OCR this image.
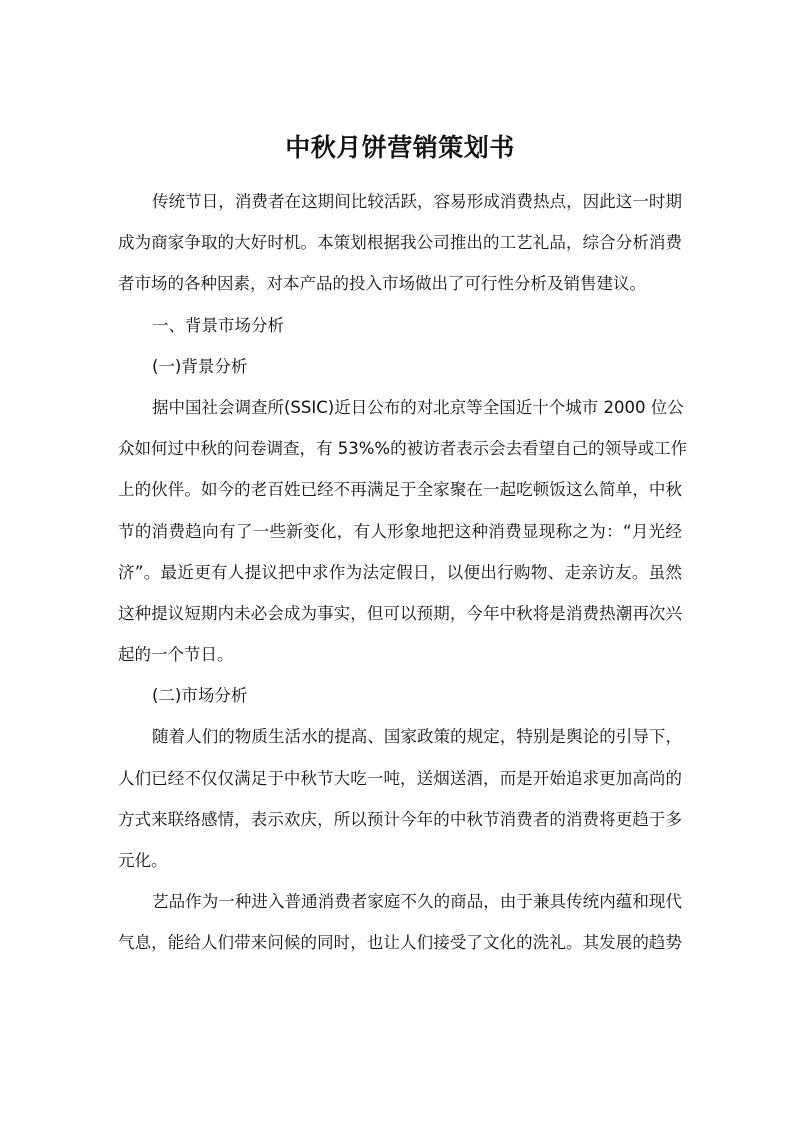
中秋月饼营销策划书
传统节日，消费者在这期间比较活跃，容易形成消费热点，因此这一时期
成为商家争取的大好时机。本策划根据我公司推出的工艺礼品，综合分析消费
者市场的各种因素，对本产品的投入市场做出了可行性分析及销售建议。
一、背景市场分析
(一)背景分析
据中国社会调查所(SSIC)近日公布的对北京等全国近十个城市 2000 位公
众如何过中秋的问卷调查，有 53%%的被访者表示会去看望自己的领导或工作
上的伙伴。如今的老百姓已经不再满足于全家聚在一起吃顿饭这么简单，中秋
节的消费趋向有了一些新变化，有人形象地把这种消费显现称之为：“月光经
济”。最近更有人提议把中求作为法定假日，以便出行购物、走亲访友。虽然
这种提议短期内未必会成为事实，但可以预期，今年中秋将是消费热潮再次兴
起的一个节日。
(二)市场分析
随着人们的物质生活水的提高、国家政策的规定，特别是舆论的引导下，
人们已经不仅仅满足于中秋节大吃一吨，送烟送酒，而是开始追求更加高尚的
方式来联络感情，表示欢庆，所以预计今年的中秋节消费者的消费将更趋于多
元化。
艺品作为一种进入普通消费者家庭不久的商品，由于兼具传统内蕴和现代
气息，能给人们带来问候的同时，也让人们接受了文化的洗礼。其发展的趋势
